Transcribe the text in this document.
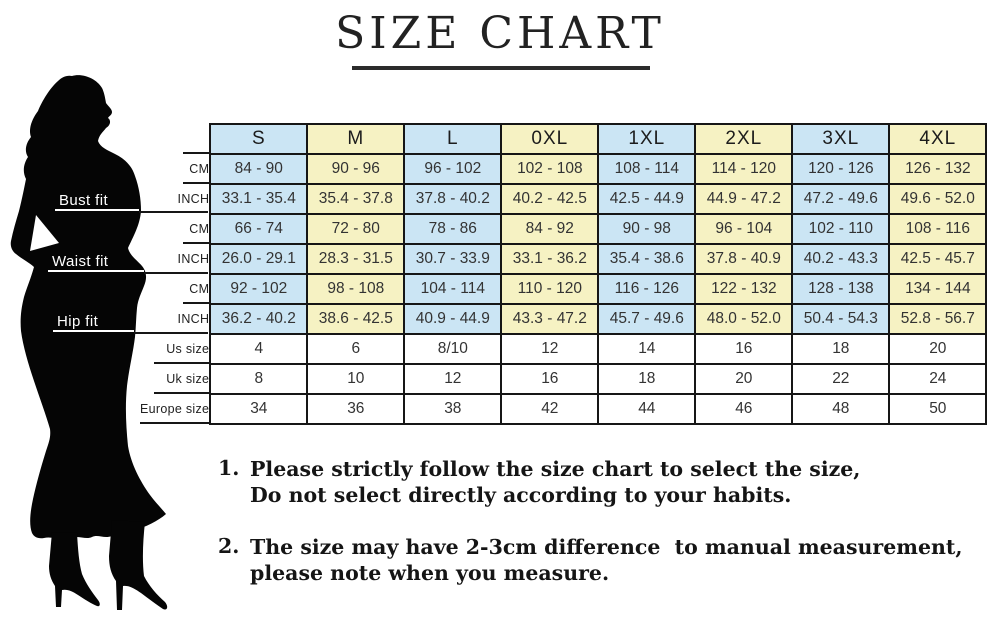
SIZE CHART
Bust fit
Waist fit
Hip fit
	S	M	L	0XL	1XL	2XL	3XL	4XL
CM	84 - 90	90 - 96	96 - 102	102 - 108	108 - 114	114 - 120	120 - 126	126 - 132
INCH	33.1 - 35.4	35.4 - 37.8	37.8 - 40.2	40.2 - 42.5	42.5 - 44.9	44.9 - 47.2	47.2 - 49.6	49.6 - 52.0
CM	66 - 74	72 - 80	78 - 86	84 - 92	90 - 98	96 - 104	102 - 110	108 - 116
INCH	26.0 - 29.1	28.3 - 31.5	30.7 - 33.9	33.1 - 36.2	35.4 - 38.6	37.8 - 40.9	40.2 - 43.3	42.5 - 45.7
CM	92 - 102	98 - 108	104 - 114	110 - 120	116 - 126	122 - 132	128 - 138	134 - 144
INCH	36.2 - 40.2	38.6 - 42.5	40.9 - 44.9	43.3 - 47.2	45.7 - 49.6	48.0 - 52.0	50.4 - 54.3	52.8 - 56.7
Us size	4	6	8/10	12	14	16	18	20
Uk size	8	10	12	16	18	20	22	24
Europe size	34	36	38	42	44	46	48	50
1. Please strictly follow the size chart to select the size,
Do not select directly according to your habits.
2. The size may have 2-3cm difference  to manual measurement,
please note when you measure.
